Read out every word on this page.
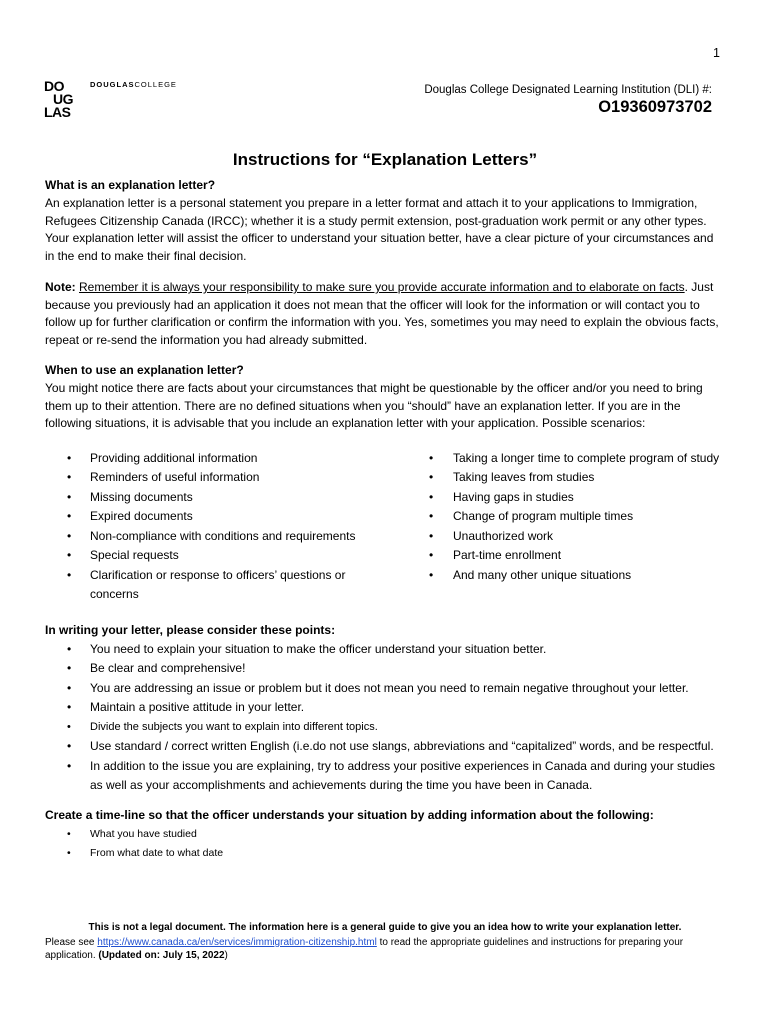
1
DO
UG
LAS
DOUGLASCOLLEGE	Douglas College Designated Learning Institution (DLI) #:
O19360973702
Instructions for “Explanation Letters”
What is an explanation letter?

An explanation letter is a personal statement you prepare in a letter format and attach it to your applications to Immigration, Refugees Citizenship Canada (IRCC); whether it is a study permit extension, post-graduation work permit or any other types. Your explanation letter will assist the officer to understand your situation better, have a clear picture of your circumstances and in the end to make their final decision.

Note: Remember it is always your responsibility to make sure you provide accurate information and to elaborate on facts. Just because you previously had an application it does not mean that the officer will look for the information or will contact you to follow up for further clarification or confirm the information with you. Yes, sometimes you may need to explain the obvious facts, repeat or re-send the information you had already submitted.

When to use an explanation letter?

You might notice there are facts about your circumstances that might be questionable by the officer and/or you need to bring them up to their attention. There are no defined situations when you “should” have an explanation letter. If you are in the following situations, it is advisable that you include an explanation letter with your application. Possible scenarios:

• Providing additional information
• Reminders of useful information
• Missing documents
• Expired documents
• Non-compliance with conditions and requirements
• Special requests
• Clarification or response to officers’ questions or concerns
• Taking a longer time to complete program of study
• Taking leaves from studies
• Having gaps in studies
• Change of program multiple times
• Unauthorized work
• Part-time enrollment
• And many other unique situations
In writing your letter, please consider these points:
• You need to explain your situation to make the officer understand your situation better.
• Be clear and comprehensive!
• You are addressing an issue or problem but it does not mean you need to remain negative throughout your letter.
• Maintain a positive attitude in your letter.
• Divide the subjects you want to explain into different topics.
• Use standard / correct written English (i.e.do not use slangs, abbreviations and “capitalized” words, and be respectful.
• In addition to the issue you are explaining, try to address your positive experiences in Canada and during your studies as well as your accomplishments and achievements during the time you have been in Canada.
Create a time-line so that the officer understands your situation by adding information about the following:
• What you have studied
• From what date to what date
This is not a legal document. The information here is a general guide to give you an idea how to write your explanation letter.
Please see https://www.canada.ca/en/services/immigration-citizenship.html to read the appropriate guidelines and instructions for preparing your application. (Updated on: July 15, 2022)
